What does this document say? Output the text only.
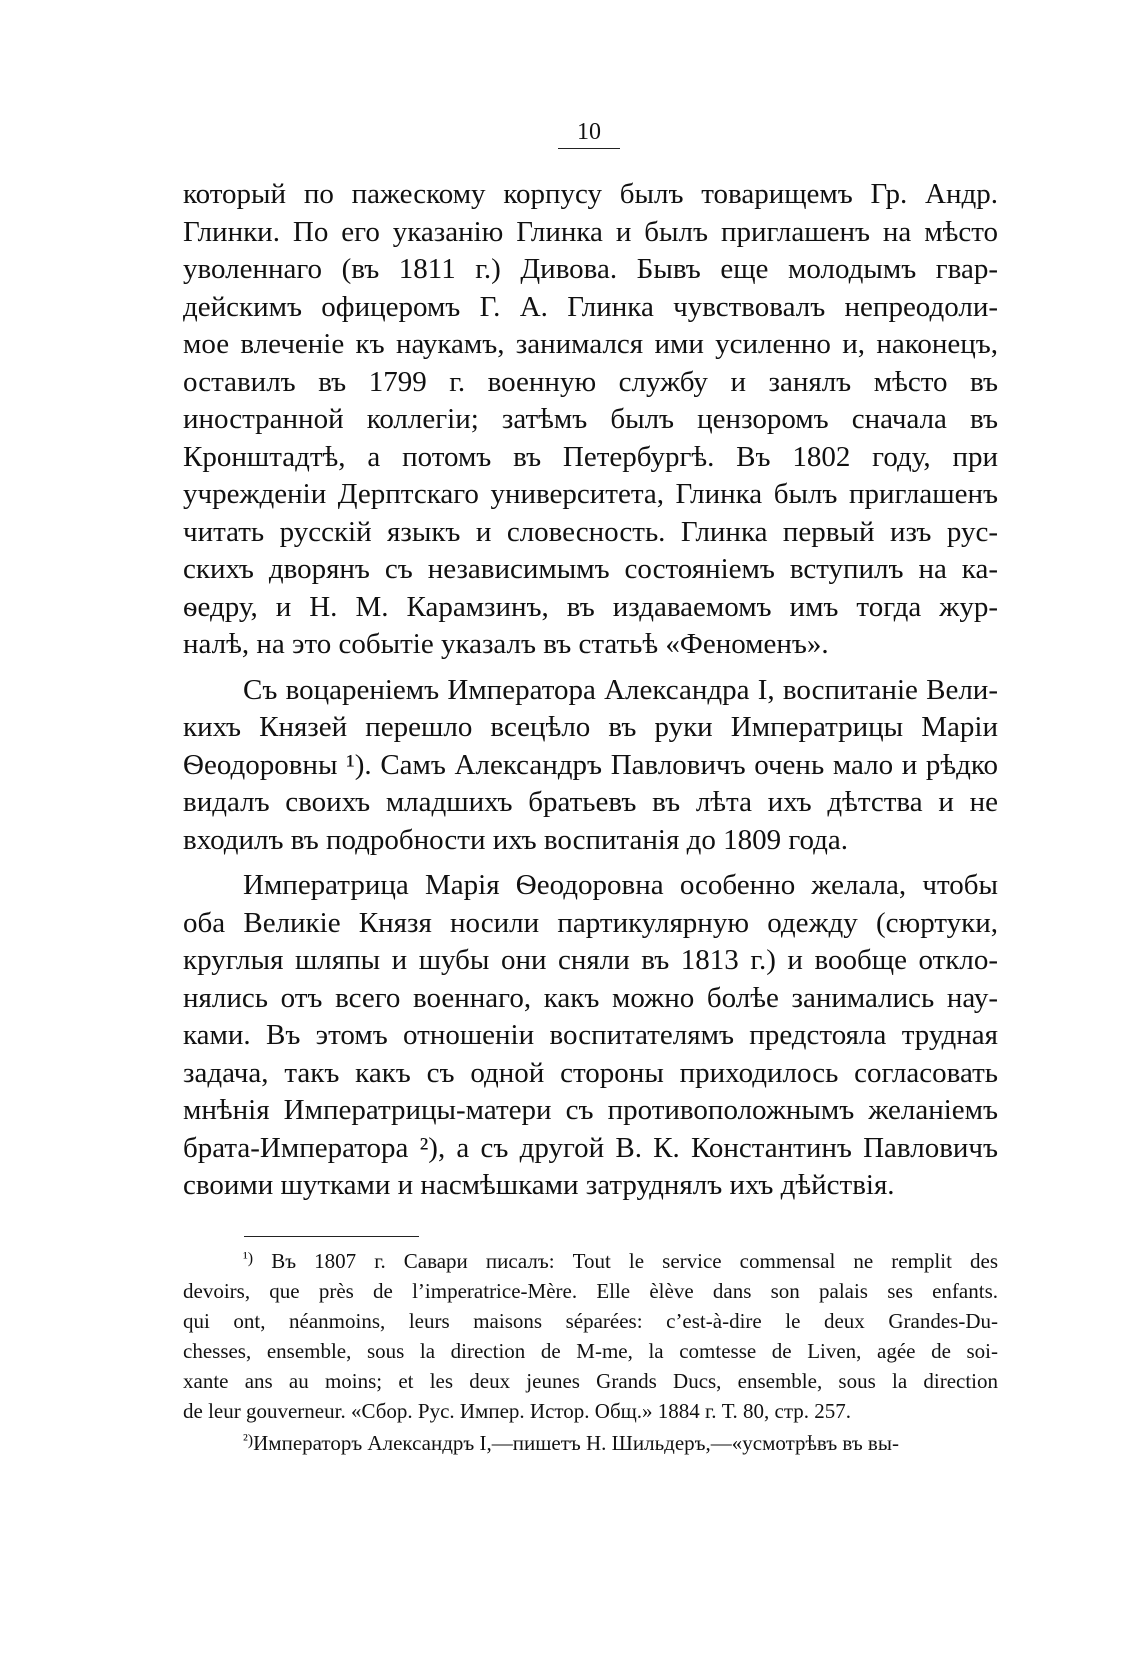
10

который по пажескому корпусу былъ товарищемъ Гр. Андр.
Глинки. По его указанію Глинка и былъ приглашенъ на мѣсто
уволеннаго (въ 1811 г.) Дивова. Бывъ еще молодымъ гвар-
дейскимъ офицеромъ Г. А. Глинка чувствовалъ непреодоли-
мое влеченіе къ наукамъ, занимался ими усиленно и, наконецъ,
оставилъ въ 1799 г. военную службу и занялъ мѣсто въ
иностранной коллегіи; затѣмъ былъ цензоромъ сначала въ
Кронштадтѣ, а потомъ въ Петербургѣ. Въ 1802 году, при
учрежденіи Дерптскаго университета, Глинка былъ приглашенъ
читать русскій языкъ и словесность. Глинка первый изъ рус-
скихъ дворянъ съ независимымъ состояніемъ вступилъ на ка-
ѳедру, и Н. М. Карамзинъ, въ издаваемомъ имъ тогда жур-
налѣ, на это событіе указалъ въ статьѣ «Феноменъ».

Съ воцареніемъ Императора Александра I, воспитаніе Вели-
кихъ Князей перешло всецѣло въ руки Императрицы Маріи
Ѳеодоровны ¹). Самъ Александръ Павловичъ очень мало и рѣдко
видалъ своихъ младшихъ братьевъ въ лѣта ихъ дѣтства и не
входилъ въ подробности ихъ воспитанія до 1809 года.

Императрица Марія Ѳеодоровна особенно желала, чтобы
оба Великіе Князя носили партикулярную одежду (сюртуки,
круглыя шляпы и шубы они сняли въ 1813 г.) и вообще откло-
нялись отъ всего военнаго, какъ можно болѣе занимались нау-
ками. Въ этомъ отношеніи воспитателямъ предстояла трудная
задача, такъ какъ съ одной стороны приходилось согласовать
мнѣнія Императрицы-матери съ противоположнымъ желаніемъ
брата-Императора ²), а съ другой В. К. Константинъ Павловичъ
своими шутками и насмѣшками затруднялъ ихъ дѣйствія.

$^{^1)}$ Въ 1807 г. Савари писалъ: Tout le service commensal ne remplit des
devoirs, que près de l’imperatrice-Mère. Elle èlève dans son palais ses enfants.
qui ont, néanmoins, leurs maisons séparées: c’est-à-dire le deux Grandes-Du-
chesses, ensemble, sous la direction de M-me, la comtesse de Liven, agée de soi-
xante ans au moins; et les deux jeunes Grands Ducs, ensemble, sous la direction
de leur gouverneur. «Сбор. Рус. Импер. Истор. Общ.» 1884 г. Т. 80, стр. 257.

$^{^2)}$Императоръ Александръ I,—пишетъ Н. Шильдеръ,—«усмотрѣвъ въ вы-
